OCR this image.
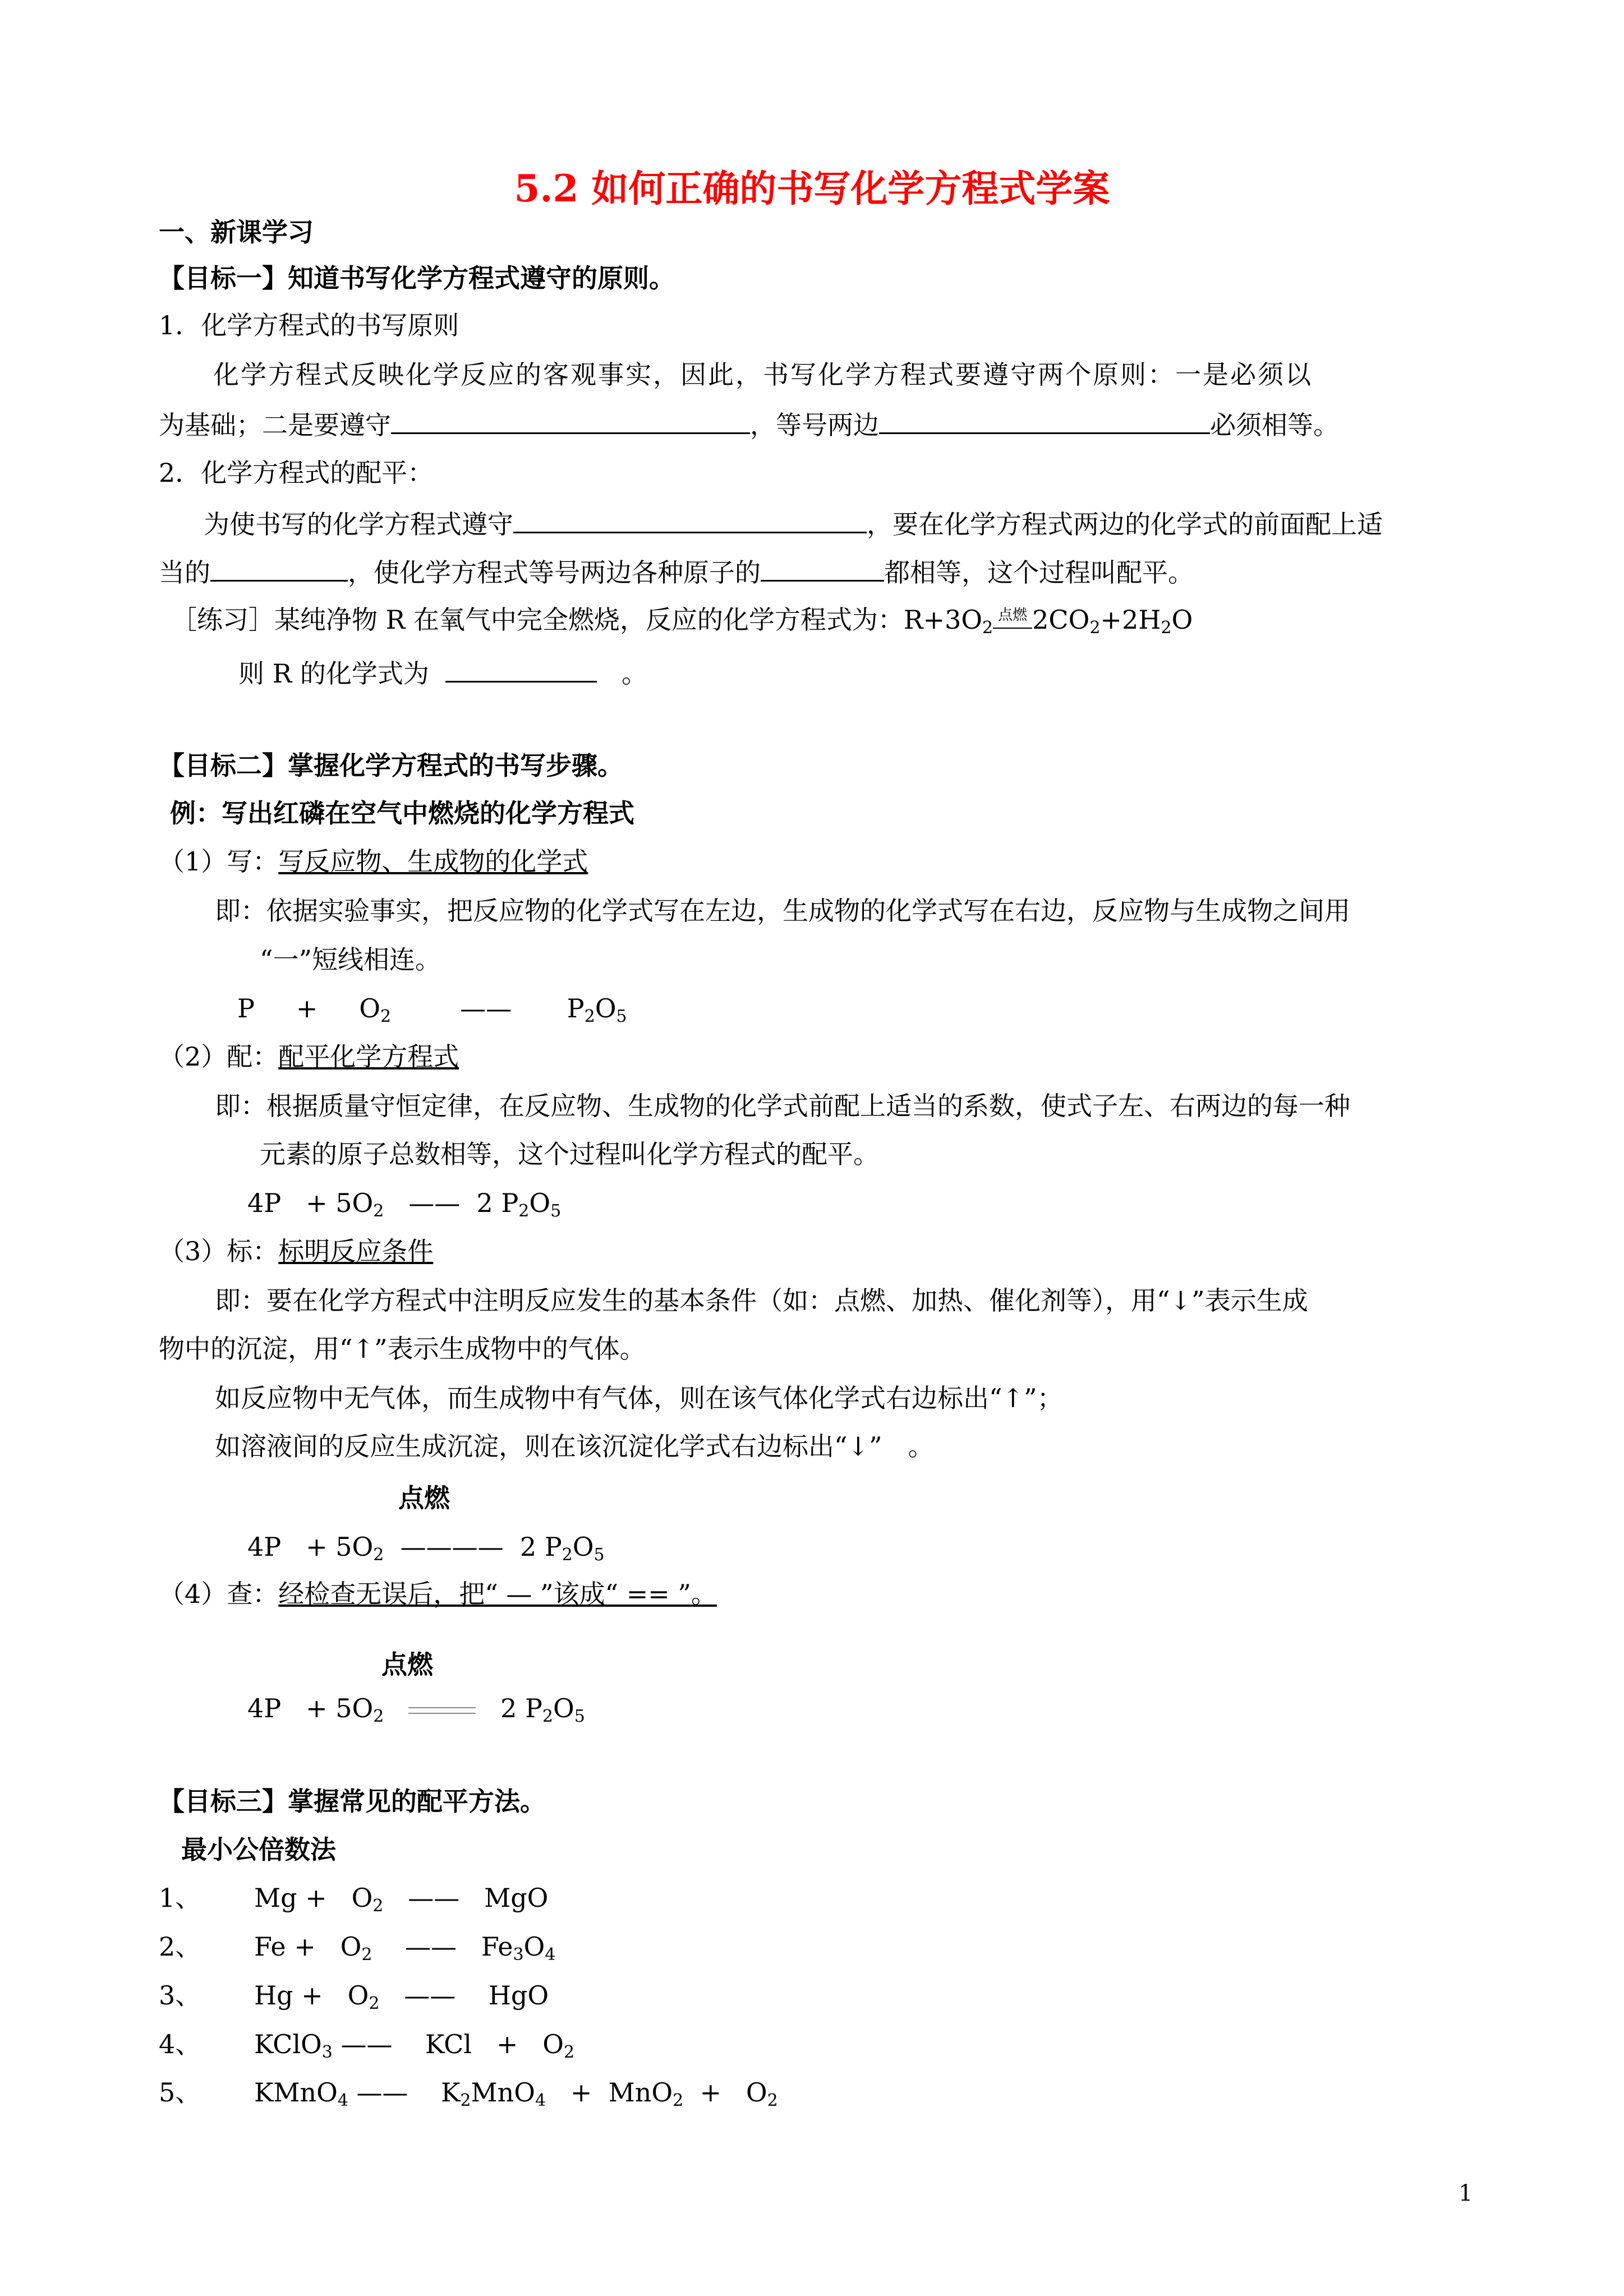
5.2 如何正确的书写化学方程式学案
一、新课学习
【目标一】知道书写化学方程式遵守的原则。
1．化学方程式的书写原则
化学方程式反映化学反应的客观事实，因此，书写化学方程式要遵守两个原则：一是必须以
为基础；二是要遵守	，等号两边	必须相等。
2．化学方程式的配平：
为使书写的化学方程式遵守	，要在化学方程式两边的化学式的前面配上适
当的	，使化学方程式等号两边各种原子的	都相等，这个过程叫配平。
［练习］某纯净物 R 在氧气中完全燃烧，反应的化学方程式为：$R+3O_2$
点燃 $2CO_2+2H_2O$
则 R 的化学式为	。
【目标二】掌握化学方程式的书写步骤。
例：写出红磷在空气中燃烧的化学方程式
（1）写：写反应物、生成物的化学式
即：依据实验事实，把反应物的化学式写在左边，生成物的化学式写在右边，反应物与生成物之间用
“一”短线相连。
$P + O_2$     ——    $P_2O_5$
（2）配：配平化学方程式
即：根据质量守恒定律，在反应物、生成物的化学式前配上适当的系数，使式子左、右两边的每一种
元素的原子总数相等，这个过程叫化学方程式的配平。
$4P + 5O_2$   ——  2 $P_2O_5$
（3）标：标明反应条件
即：要在化学方程式中注明反应发生的基本条件（如：点燃、加热、催化剂等），用“↓”表示生成
物中的沉淀，用“↑”表示生成物中的气体。
如反应物中无气体，而生成物中有气体，则在该气体化学式右边标出“↑”；
如溶液间的反应生成沉淀，则在该沉淀化学式右边标出“↓”　。
点燃
$4P + 5O_2$  ————  2 $P_2O_5$
（4）查：经检查无误后，把“ — ”该成“ == ”。
点燃
$4P + 5O_2$	2 $P_2O_5$
【目标三】掌握常见的配平方法。
最小公倍数法
1、 $Mg + O_2$   ——   MgO
2、 $Fe + O_2$    ——   $Fe_3O_4$
3、 $Hg + O_2$   ——    HgO
4、 KClO$_3$ ——    KCl   +   $O_2$
5、 KMnO$_4$ ——    $K_2MnO_4 + MnO_2 + O_2$
1
